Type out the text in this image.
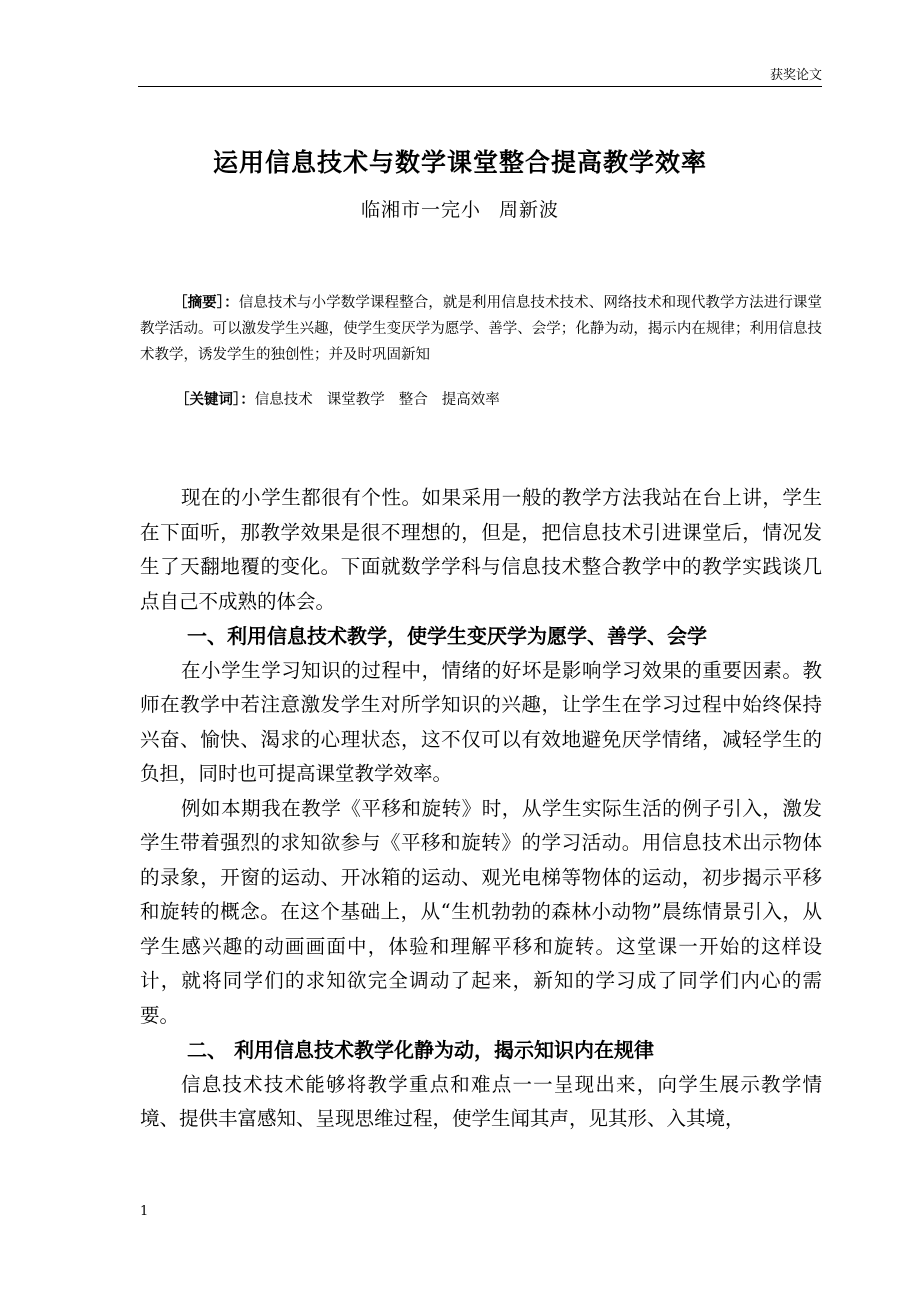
获奖论文
运用信息技术与数学课堂整合提高教学效率
临湘市一完小 周新波
［摘要］：信息技术与小学数学课程整合，就是利用信息技术技术、网络技术和现代教学方法进行课堂教学活动。可以激发学生兴趣，使学生变厌学为愿学、善学、会学；化静为动，揭示内在规律；利用信息技术教学，诱发学生的独创性；并及时巩固新知
［关键词］：信息技术 课堂教学 整合 提高效率

现在的小学生都很有个性。如果采用一般的教学方法我站在台上讲，学生在下面听，那教学效果是很不理想的，但是，把信息技术引进课堂后，情况发生了天翻地覆的变化。下面就数学学科与信息技术整合教学中的教学实践谈几点自己不成熟的体会。

一、利用信息技术教学，使学生变厌学为愿学、善学、会学

在小学生学习知识的过程中，情绪的好坏是影响学习效果的重要因素。教师在教学中若注意激发学生对所学知识的兴趣，让学生在学习过程中始终保持兴奋、愉快、渴求的心理状态，这不仅可以有效地避免厌学情绪，减轻学生的负担，同时也可提高课堂教学效率。

例如本期我在教学《平移和旋转》时，从学生实际生活的例子引入，激发学生带着强烈的求知欲参与《平移和旋转》的学习活动。用信息技术出示物体的录象，开窗的运动、开冰箱的运动、观光电梯等物体的运动，初步揭示平移和旋转的概念。在这个基础上，从“生机勃勃的森林小动物”晨练情景引入，从学生感兴趣的动画画面中，体验和理解平移和旋转。这堂课一开始的这样设计，就将同学们的求知欲完全调动了起来，新知的学习成了同学们内心的需要。

二、 利用信息技术教学化静为动，揭示知识内在规律

信息技术技术能够将教学重点和难点一一呈现出来，向学生展示教学情境、提供丰富感知、呈现思维过程，使学生闻其声，见其形、入其境，

1
